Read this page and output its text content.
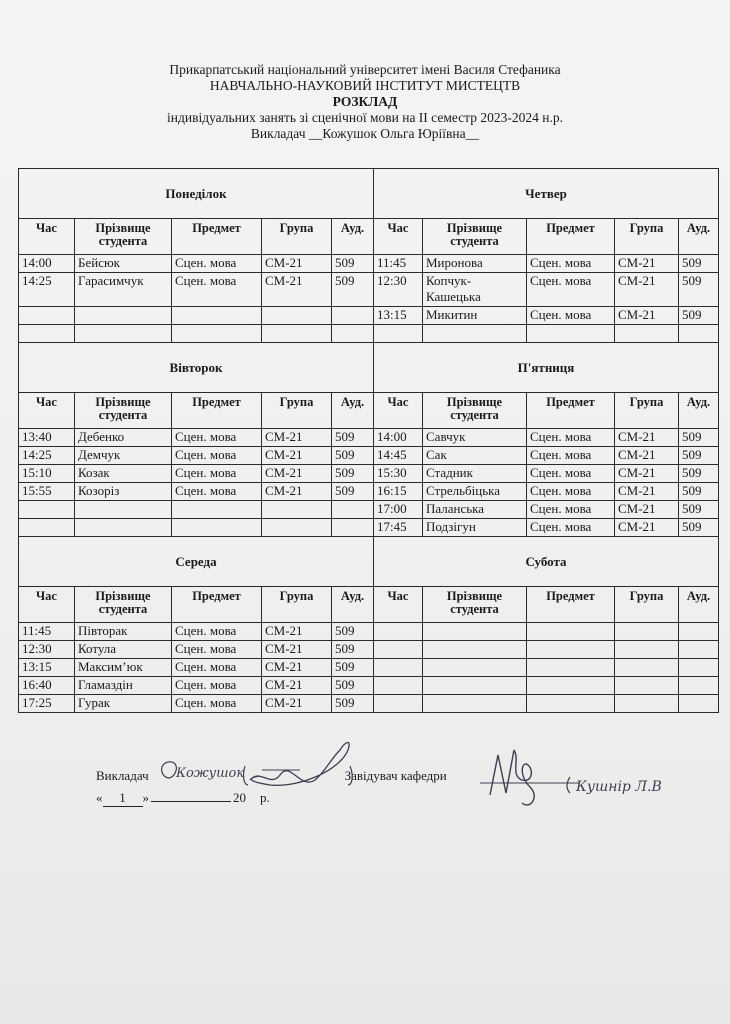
Прикарпатський національний університет імені Василя Стефаника
НАВЧАЛЬНО-НАУКОВИЙ ІНСТИТУТ МИСТЕЦТВ
РОЗКЛАД
індивідуальних занять зі сценічної мови на ІІ семестр 2023-2024 н.р.
Викладач __Кожушок Ольга Юріївна__
Понеділок					Четвер				
Час	Прізвище студента	Предмет	Група	Ауд.	Час	Прізвище студента	Предмет	Група	Ауд.
14:00	Бейсюк	Сцен. мова	СМ-21	509	11:45	Миронова	Сцен. мова	СМ-21	509
14:25	Гарасимчук	Сцен. мова	СМ-21	509	12:30	Копчук-Кашецька	Сцен. мова	СМ-21	509
					13:15	Микитин	Сцен. мова	СМ-21	509

Вівторок					П'ятниця				
Час	Прізвище студента	Предмет	Група	Ауд.	Час	Прізвище студента	Предмет	Група	Ауд.
13:40	Дебенко	Сцен. мова	СМ-21	509	14:00	Савчук	Сцен. мова	СМ-21	509
14:25	Демчук	Сцен. мова	СМ-21	509	14:45	Сак	Сцен. мова	СМ-21	509
15:10	Козак	Сцен. мова	СМ-21	509	15:30	Стадник	Сцен. мова	СМ-21	509
15:55	Козоріз	Сцен. мова	СМ-21	509	16:15	Стрельбіцька	Сцен. мова	СМ-21	509
					17:00	Паланська	Сцен. мова	СМ-21	509
					17:45	Подзігун	Сцен. мова	СМ-21	509
Середа					Субота				
Час	Прізвище студента	Предмет	Група	Ауд.	Час	Прізвище студента	Предмет	Група	Ауд.
11:45	Півторак	Сцен. мова	СМ-21	509					
12:30	Котула	Сцен. мова	СМ-21	509					
13:15	Максим’юк	Сцен. мова	СМ-21	509					
16:40	Гламаздін	Сцен. мова	СМ-21	509					
17:25	Гурак	Сцен. мова	СМ-21	509					
Викладач	Завідувач кафедри
« 1 »	20 р.
Кожушок
Кушнір Л.В
